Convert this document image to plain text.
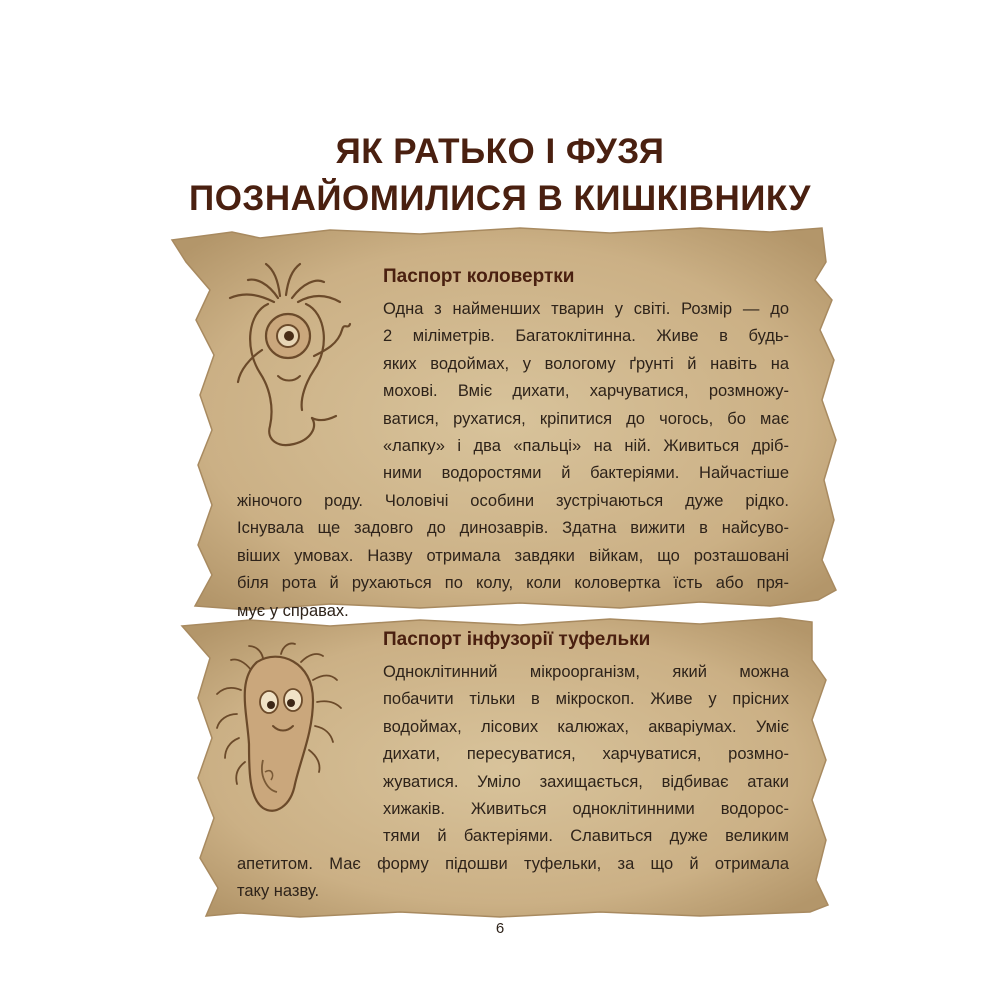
ЯК РАТЬКО І ФУЗЯ
ПОЗНАЙОМИЛИСЯ В КИШКІВНИКУ
Паспорт коловертки
Одна з найменших тварин у світі. Розмір — до
2 міліметрів. Багатоклітинна. Живе в будь-
яких водоймах, у вологому ґрунті й навіть на
мохові. Вміє дихати, харчуватися, розмножу-
ватися, рухатися, кріпитися до чогось, бо має
«лапку» і два «пальці» на ній. Живиться дріб-
ними водоростями й бактеріями. Найчастіше
жіночого роду. Чоловічі особини зустрічаються дуже рідко.
Існувала ще задовго до динозаврів. Здатна вижити в найсуво-
віших умовах. Назву отримала завдяки війкам, що розташовані
біля рота й рухаються по колу, коли коловертка їсть або пря-
мує у справах.
Паспорт інфузорії туфельки
Одноклітинний мікроорганізм, який можна
побачити тільки в мікроскоп. Живе у прісних
водоймах, лісових калюжах, акваріумах. Уміє
дихати, пересуватися, харчуватися, розмно-
жуватися. Уміло захищається, відбиває атаки
хижаків. Живиться одноклітинними водорос-
тями й бактеріями. Славиться дуже великим
апетитом. Має форму підошви туфельки, за що й отримала
таку назву.
6
